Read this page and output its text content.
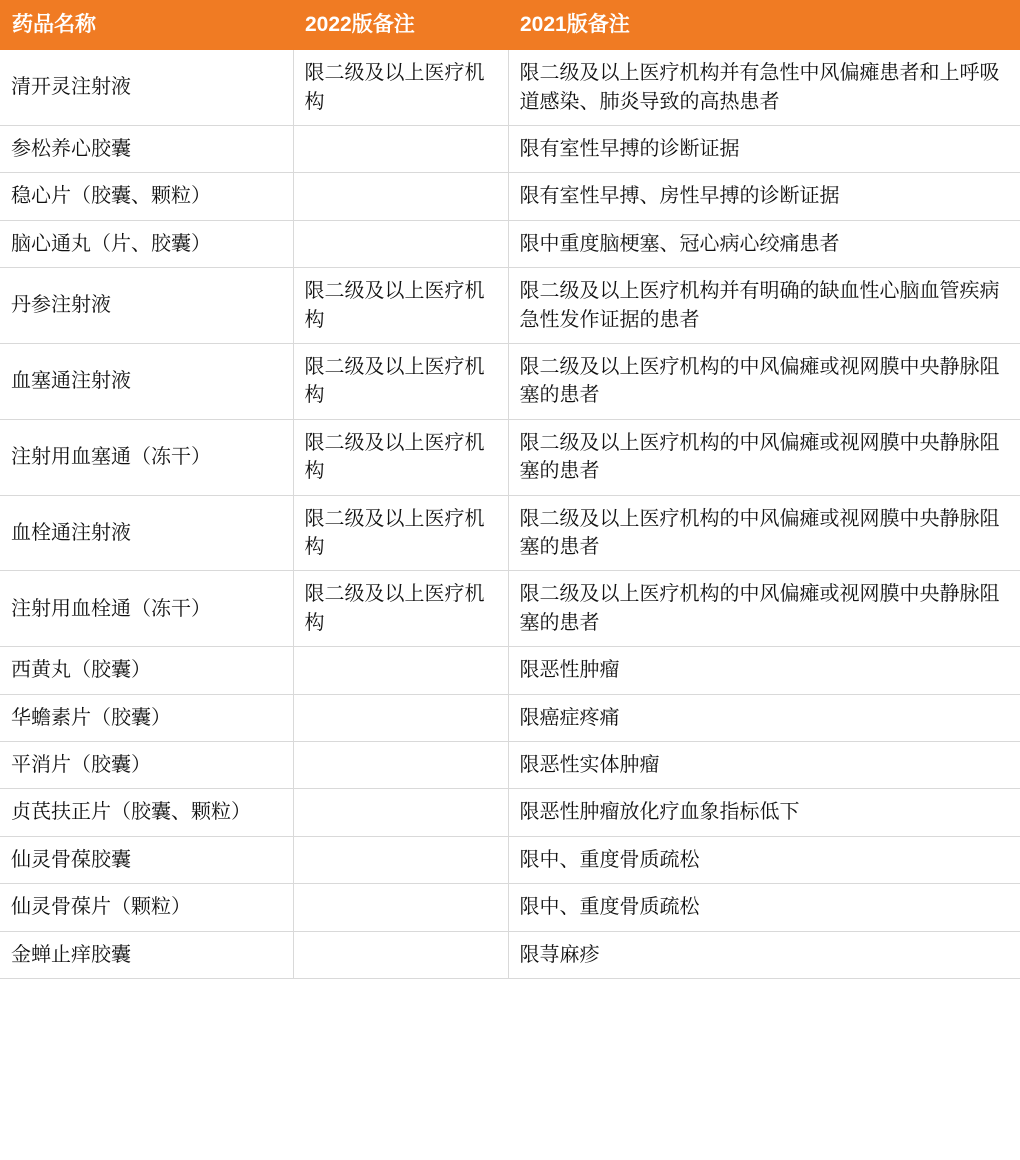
药品名称	2022版备注	2021版备注
清开灵注射液	限二级及以上医疗机构	限二级及以上医疗机构并有急性中风偏瘫患者和上呼吸道感染、肺炎导致的高热患者
参松养心胶囊		限有室性早搏的诊断证据
稳心片（胶囊、颗粒）		限有室性早搏、房性早搏的诊断证据
脑心通丸（片、胶囊）		限中重度脑梗塞、冠心病心绞痛患者
丹参注射液	限二级及以上医疗机构	限二级及以上医疗机构并有明确的缺血性心脑血管疾病急性发作证据的患者
血塞通注射液	限二级及以上医疗机构	限二级及以上医疗机构的中风偏瘫或视网膜中央静脉阻塞的患者
注射用血塞通（冻干）	限二级及以上医疗机构	限二级及以上医疗机构的中风偏瘫或视网膜中央静脉阻塞的患者
血栓通注射液	限二级及以上医疗机构	限二级及以上医疗机构的中风偏瘫或视网膜中央静脉阻塞的患者
注射用血栓通（冻干）	限二级及以上医疗机构	限二级及以上医疗机构的中风偏瘫或视网膜中央静脉阻塞的患者
西黄丸（胶囊）		限恶性肿瘤
华蟾素片（胶囊）		限癌症疼痛
平消片（胶囊）		限恶性实体肿瘤
贞芪扶正片（胶囊、颗粒）		限恶性肿瘤放化疗血象指标低下
仙灵骨葆胶囊		限中、重度骨质疏松
仙灵骨葆片（颗粒）		限中、重度骨质疏松
金蝉止痒胶囊		限荨麻疹
